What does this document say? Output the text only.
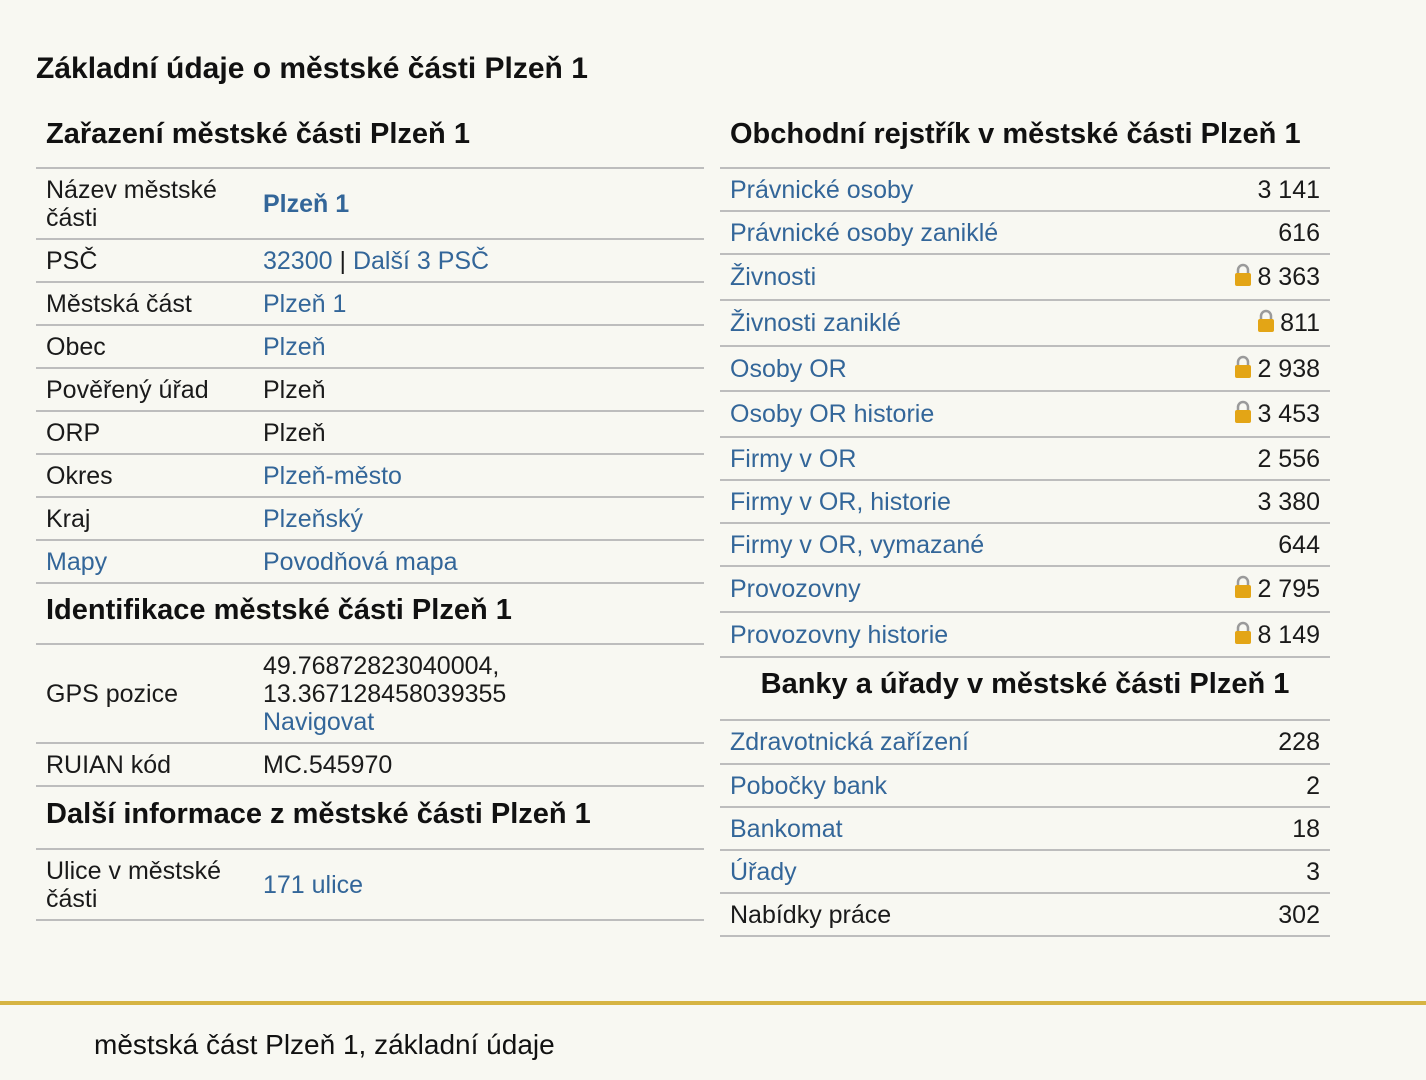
Základní údaje o městské části Plzeň 1
Zařazení městské části Plzeň 1
Název městské části	Plzeň 1
PSČ	32300 | Další 3 PSČ
Městská část	Plzeň 1
Obec	Plzeň
Pověřený úřad	Plzeň
ORP	Plzeň
Okres	Plzeň-město
Kraj	Plzeňský
Mapy	Povodňová mapa
Identifikace městské části Plzeň 1
GPS pozice	49.76872823040004,
13.367128458039355
Navigovat
RUIAN kód	MC.545970
Další informace z městské části Plzeň 1
Ulice v městské části	171 ulice
Obchodní rejstřík v městské části Plzeň 1
Právnické osoby	3 141
Právnické osoby zaniklé	616
Živnosti	8 363
Živnosti zaniklé	811
Osoby OR	2 938
Osoby OR historie	3 453
Firmy v OR	2 556
Firmy v OR, historie	3 380
Firmy v OR, vymazané	644
Provozovny	2 795
Provozovny historie	8 149
Banky a úřady v městské části Plzeň 1
Zdravotnická zařízení	228
Pobočky bank	2
Bankomat	18
Úřady	3
Nabídky práce	302
městská část Plzeň 1, základní údaje
